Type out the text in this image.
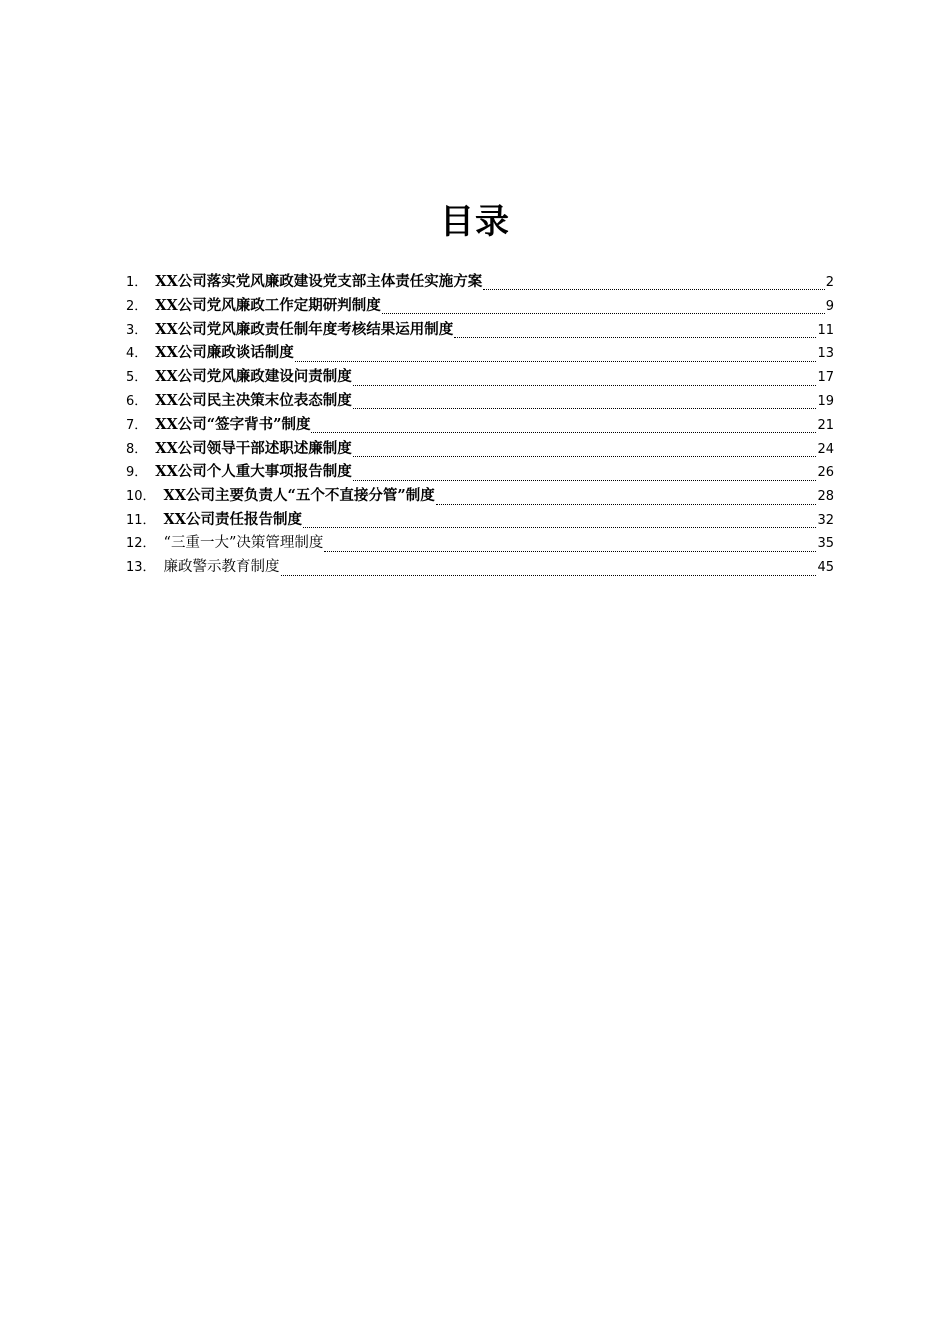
目录
1． XX公司落实党风廉政建设党支部主体责任实施方案	2
2． XX公司党风廉政工作定期研判制度	9
3． XX公司党风廉政责任制年度考核结果运用制度	11
4． XX公司廉政谈话制度	13
5． XX公司党风廉政建设问责制度	17
6． XX公司民主决策末位表态制度	19
7． XX公司“签字背书”制度	21
8． XX公司领导干部述职述廉制度	24
9． XX公司个人重大事项报告制度	26
10． XX公司主要负责人“五个不直接分管”制度	28
11． XX公司责任报告制度	32
12． “三重一大”决策管理制度	35
13． 廉政警示教育制度	45
